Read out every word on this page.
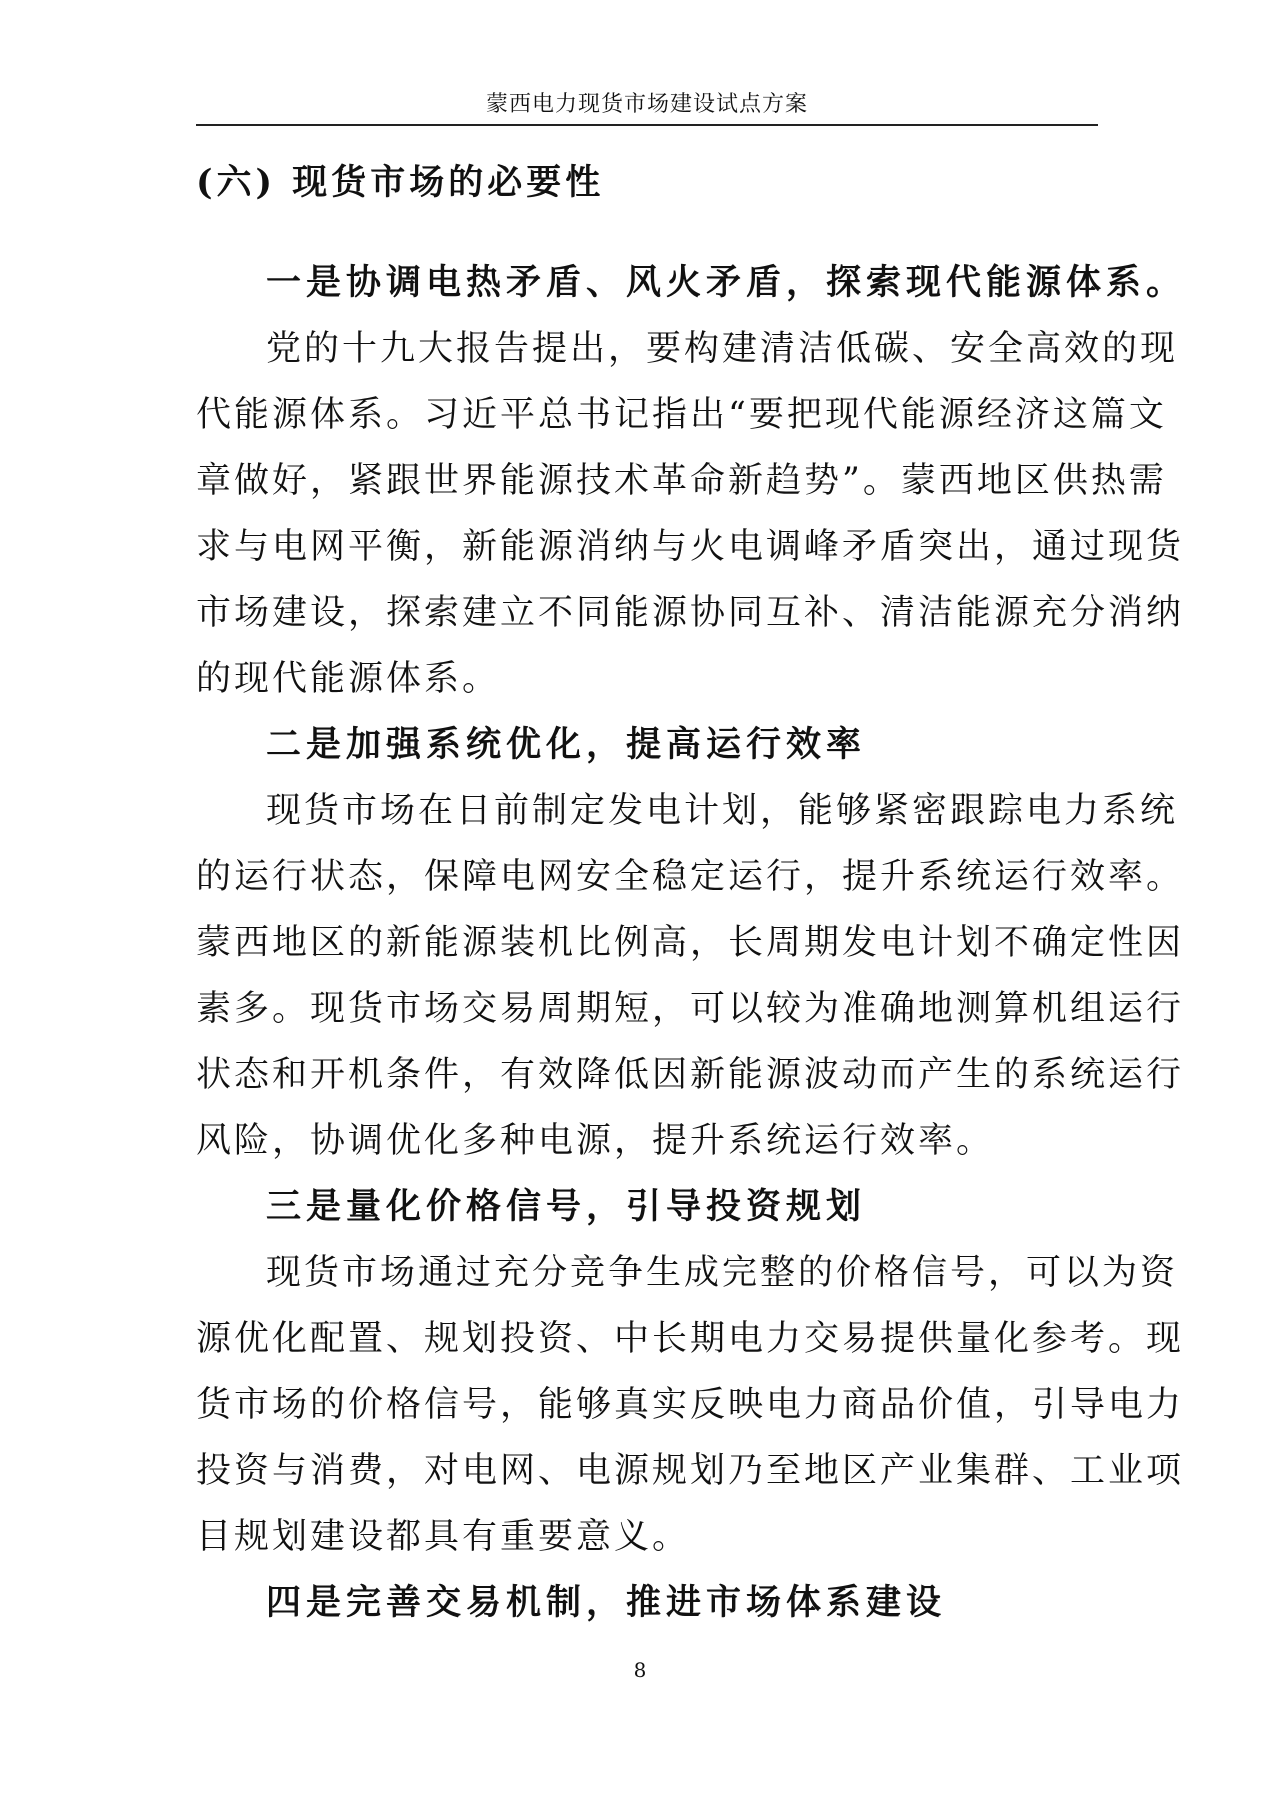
蒙西电力现货市场建设试点方案
(六) 现货市场的必要性
一是协调电热矛盾、风火矛盾，探索现代能源体系。

党的十九大报告提出，要构建清洁低碳、安全高效的现
代能源体系。习近平总书记指出“要把现代能源经济这篇文
章做好，紧跟世界能源技术革命新趋势”。蒙西地区供热需
求与电网平衡，新能源消纳与火电调峰矛盾突出，通过现货
市场建设，探索建立不同能源协同互补、清洁能源充分消纳
的现代能源体系。

二是加强系统优化，提高运行效率

现货市场在日前制定发电计划，能够紧密跟踪电力系统
的运行状态，保障电网安全稳定运行，提升系统运行效率。
蒙西地区的新能源装机比例高，长周期发电计划不确定性因
素多。现货市场交易周期短，可以较为准确地测算机组运行
状态和开机条件，有效降低因新能源波动而产生的系统运行
风险，协调优化多种电源，提升系统运行效率。

三是量化价格信号，引导投资规划

现货市场通过充分竞争生成完整的价格信号，可以为资
源优化配置、规划投资、中长期电力交易提供量化参考。现
货市场的价格信号，能够真实反映电力商品价值，引导电力
投资与消费，对电网、电源规划乃至地区产业集群、工业项
目规划建设都具有重要意义。

四是完善交易机制，推进市场体系建设
8
